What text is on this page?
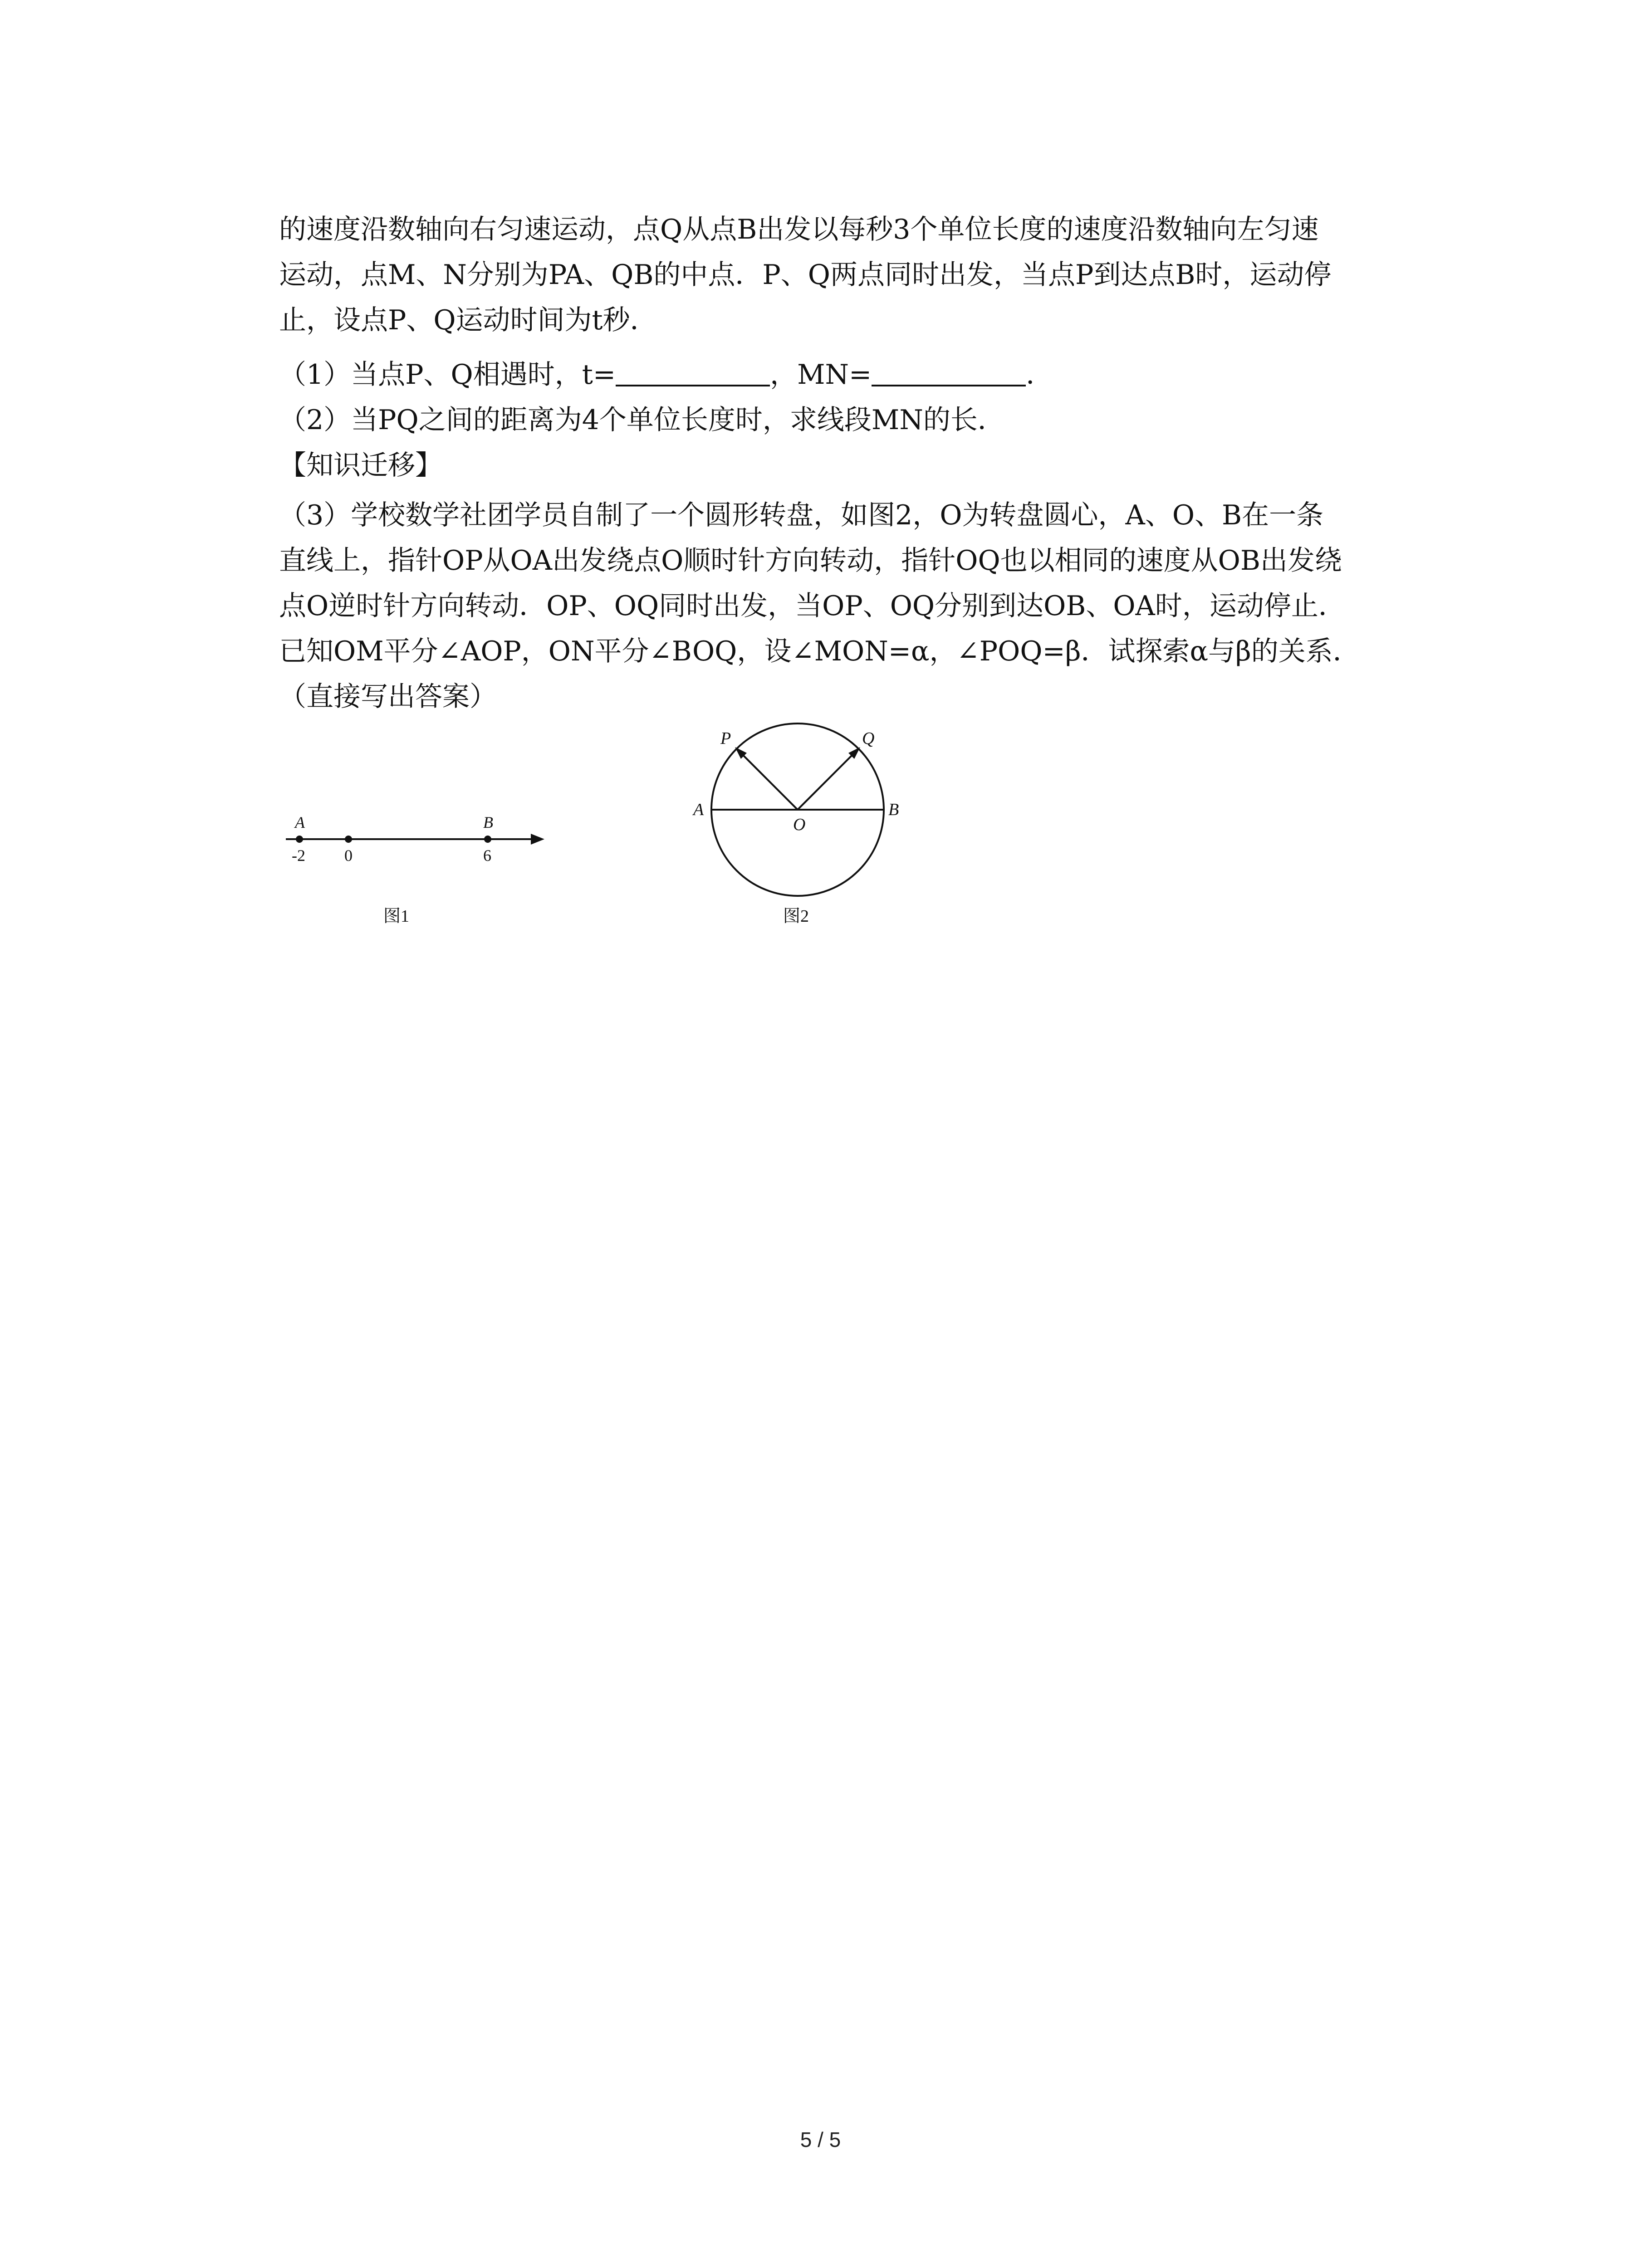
的速度沿数轴向右匀速运动，点Q从点B出发以每秒3个单位长度的速度沿数轴向左匀速

运动，点M、N分别为PA、QB的中点．P、Q两点同时出发，当点P到达点B时，运动停

止，设点P、Q运动时间为t秒．

（1）当点P、Q相遇时，t=	，MN=	．

（2）当PQ之间的距离为4个单位长度时，求线段MN的长．

【知识迁移】

（3）学校数学社团学员自制了一个圆形转盘，如图2，O为转盘圆心，A、O、B在一条

直线上，指针OP从OA出发绕点O顺时针方向转动，指针OQ也以相同的速度从OB出发绕

点O逆时针方向转动．OP、OQ同时出发，当OP、OQ分别到达OB、OA时，运动停止．

已知OM平分∠AOP，ON平分∠BOQ，设∠MON=α，∠POQ=β．试探索α与β的关系．

（直接写出答案）

A	B
-2 0	6
图1
P	Q
A
O
B
图2
5 / 5
